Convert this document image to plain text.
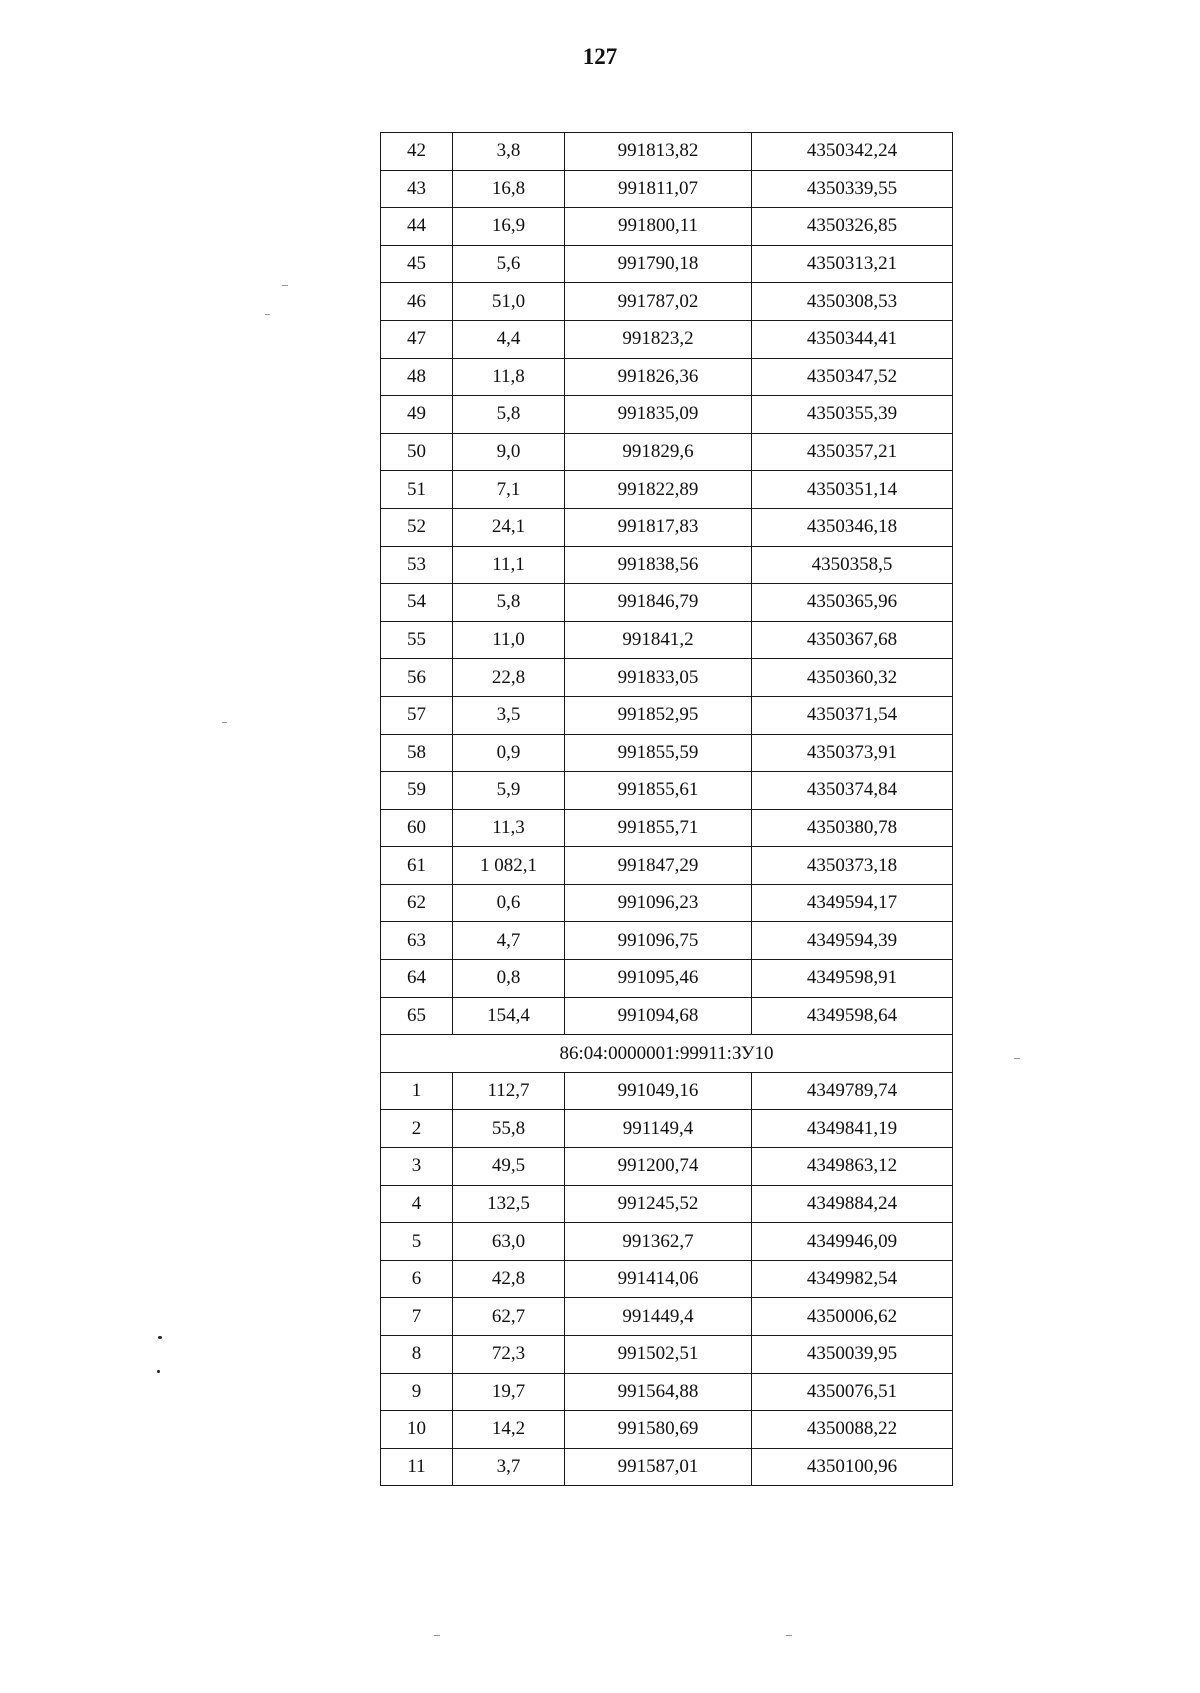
127
42	3,8	991813,82	4350342,24
43	16,8	991811,07	4350339,55
44	16,9	991800,11	4350326,85
45	5,6	991790,18	4350313,21
46	51,0	991787,02	4350308,53
47	4,4	991823,2	4350344,41
48	11,8	991826,36	4350347,52
49	5,8	991835,09	4350355,39
50	9,0	991829,6	4350357,21
51	7,1	991822,89	4350351,14
52	24,1	991817,83	4350346,18
53	11,1	991838,56	4350358,5
54	5,8	991846,79	4350365,96
55	11,0	991841,2	4350367,68
56	22,8	991833,05	4350360,32
57	3,5	991852,95	4350371,54
58	0,9	991855,59	4350373,91
59	5,9	991855,61	4350374,84
60	11,3	991855,71	4350380,78
61	1 082,1	991847,29	4350373,18
62	0,6	991096,23	4349594,17
63	4,7	991096,75	4349594,39
64	0,8	991095,46	4349598,91
65	154,4	991094,68	4349598,64
86:04:0000001:99911:ЗУ10			
1	112,7	991049,16	4349789,74
2	55,8	991149,4	4349841,19
3	49,5	991200,74	4349863,12
4	132,5	991245,52	4349884,24
5	63,0	991362,7	4349946,09
6	42,8	991414,06	4349982,54
7	62,7	991449,4	4350006,62
8	72,3	991502,51	4350039,95
9	19,7	991564,88	4350076,51
10	14,2	991580,69	4350088,22
11	3,7	991587,01	4350100,96
